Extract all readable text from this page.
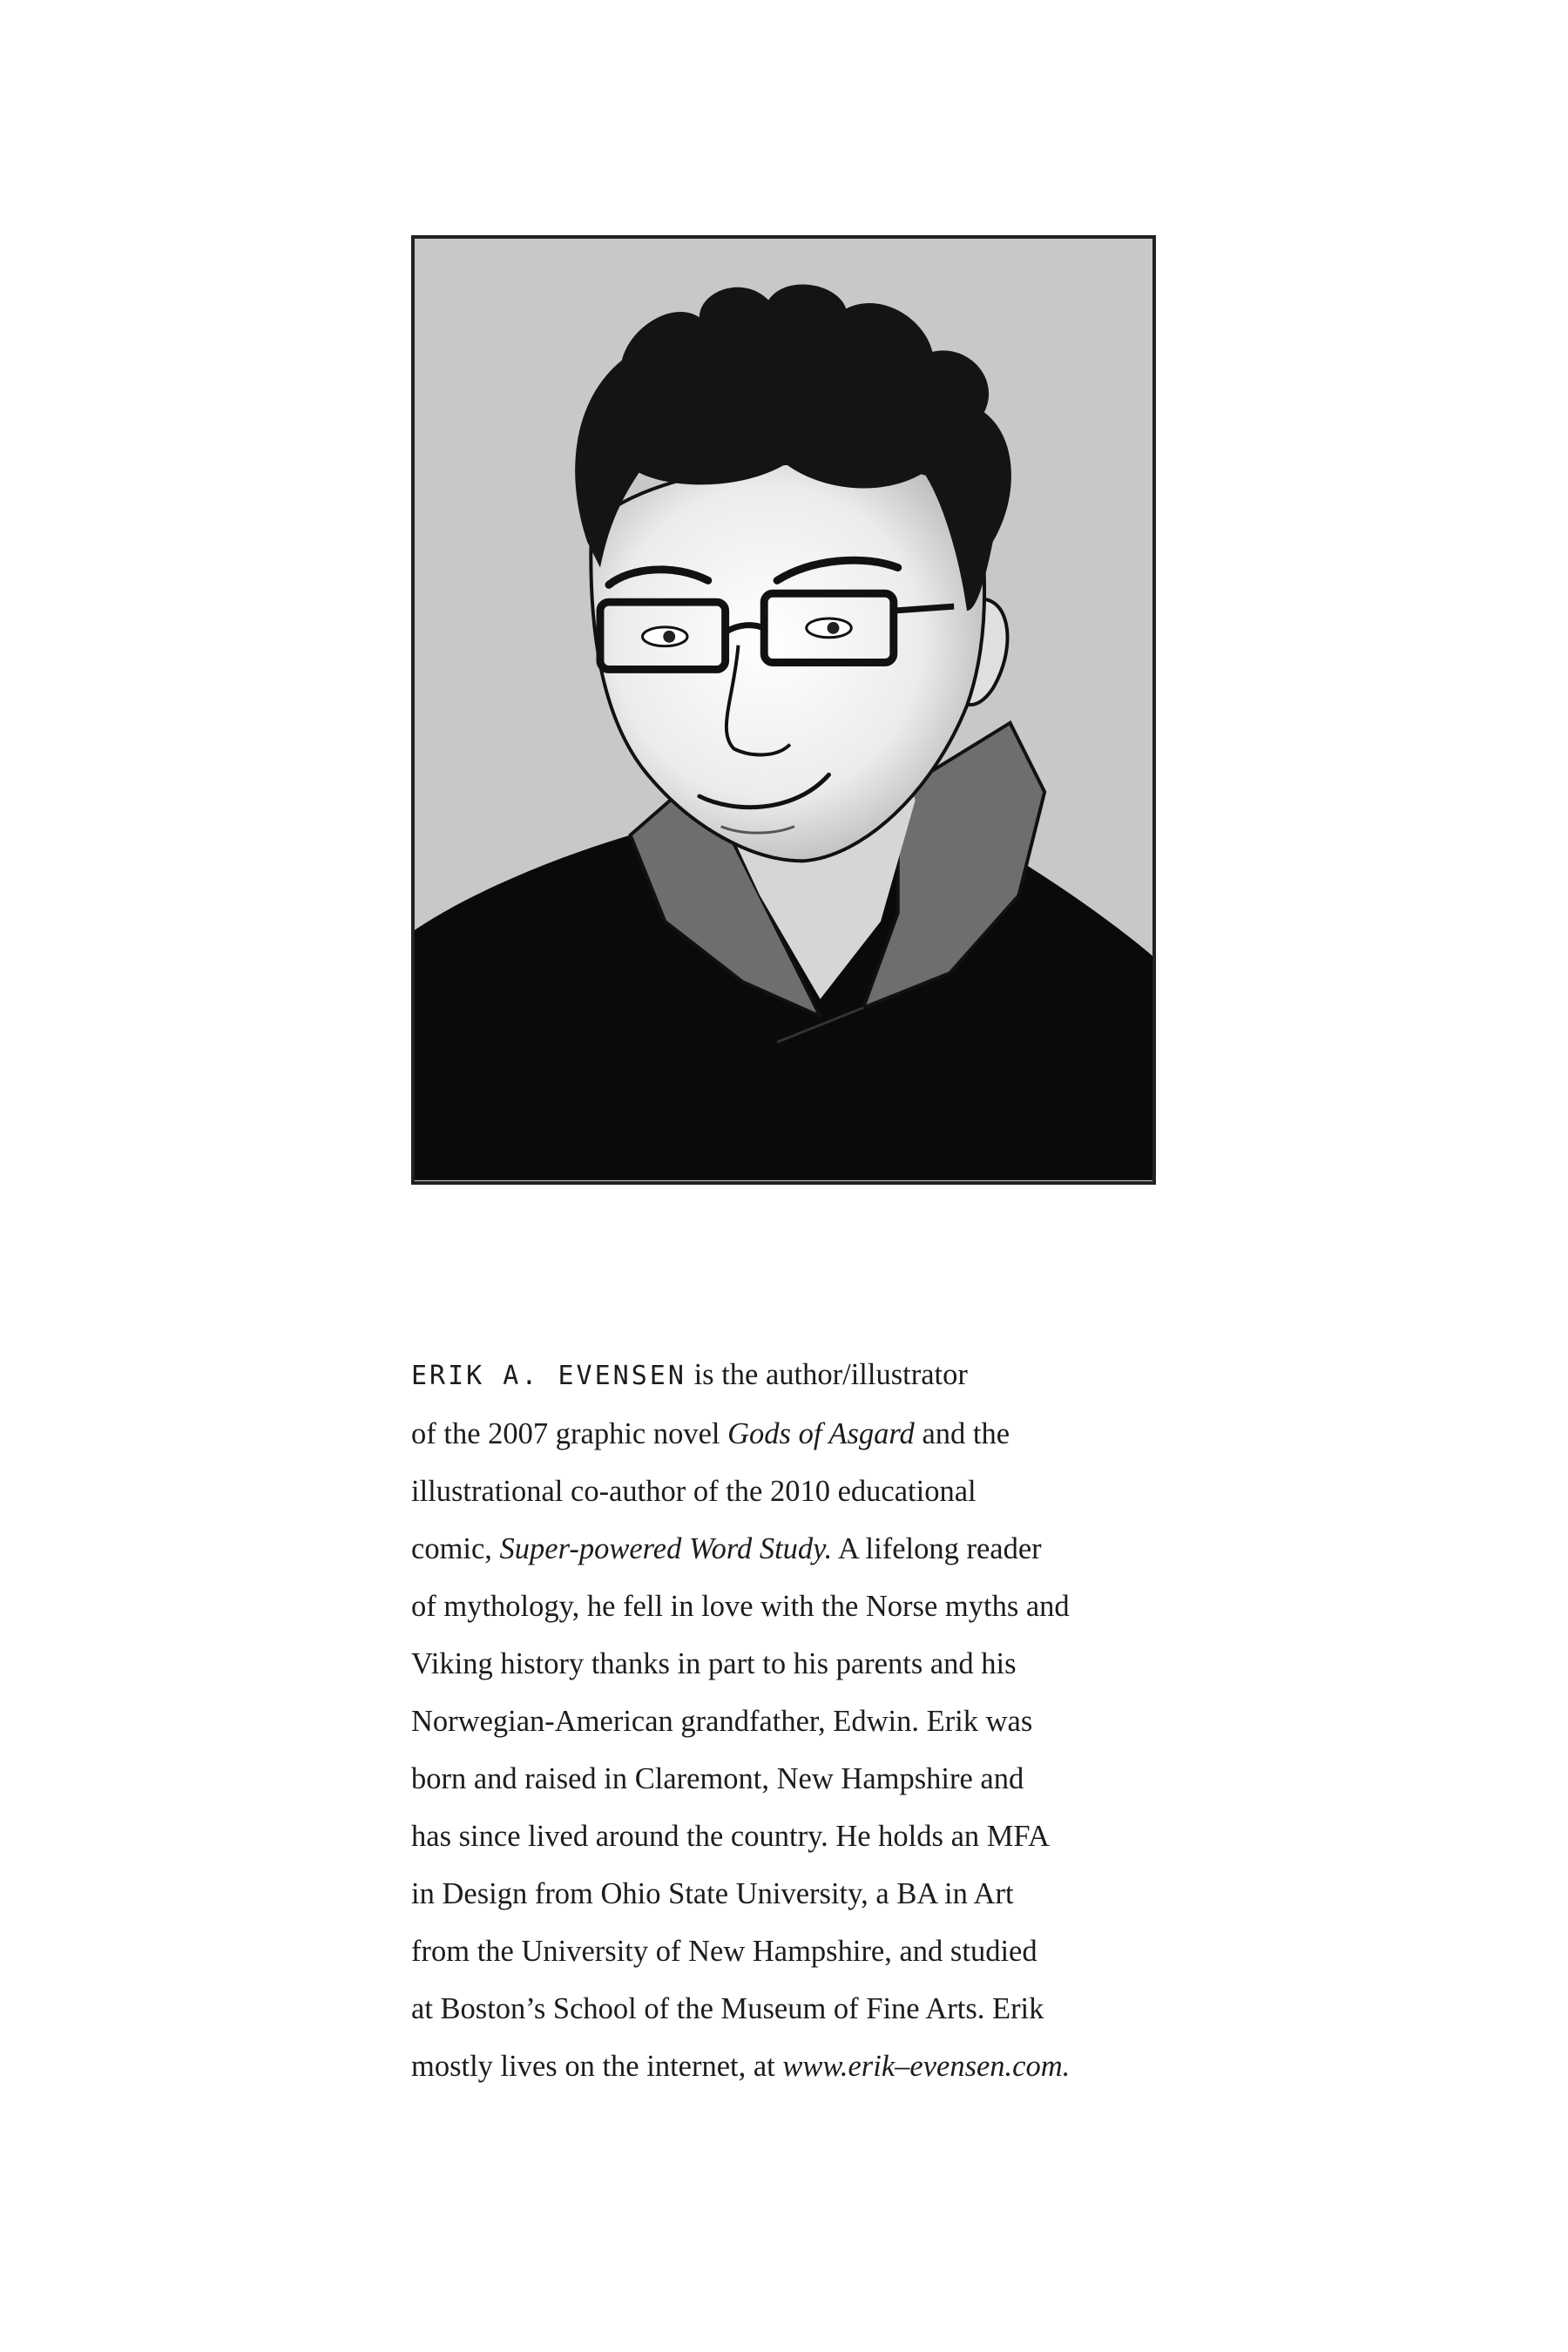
ERIK A. EVENSEN is the author/illustrator
of the 2007 graphic novel Gods of Asgard and the
illustrational co-author of the 2010 educational
comic, Super-powered Word Study. A lifelong reader
of mythology, he fell in love with the Norse myths and
Viking history thanks in part to his parents and his
Norwegian-American grandfather, Edwin. Erik was
born and raised in Claremont, New Hampshire and
has since lived around the country. He holds an MFA
in Design from Ohio State University, a BA in Art
from the University of New Hampshire, and studied
at Boston’s School of the Museum of Fine Arts. Erik
mostly lives on the internet, at www.erik–evensen.com.
